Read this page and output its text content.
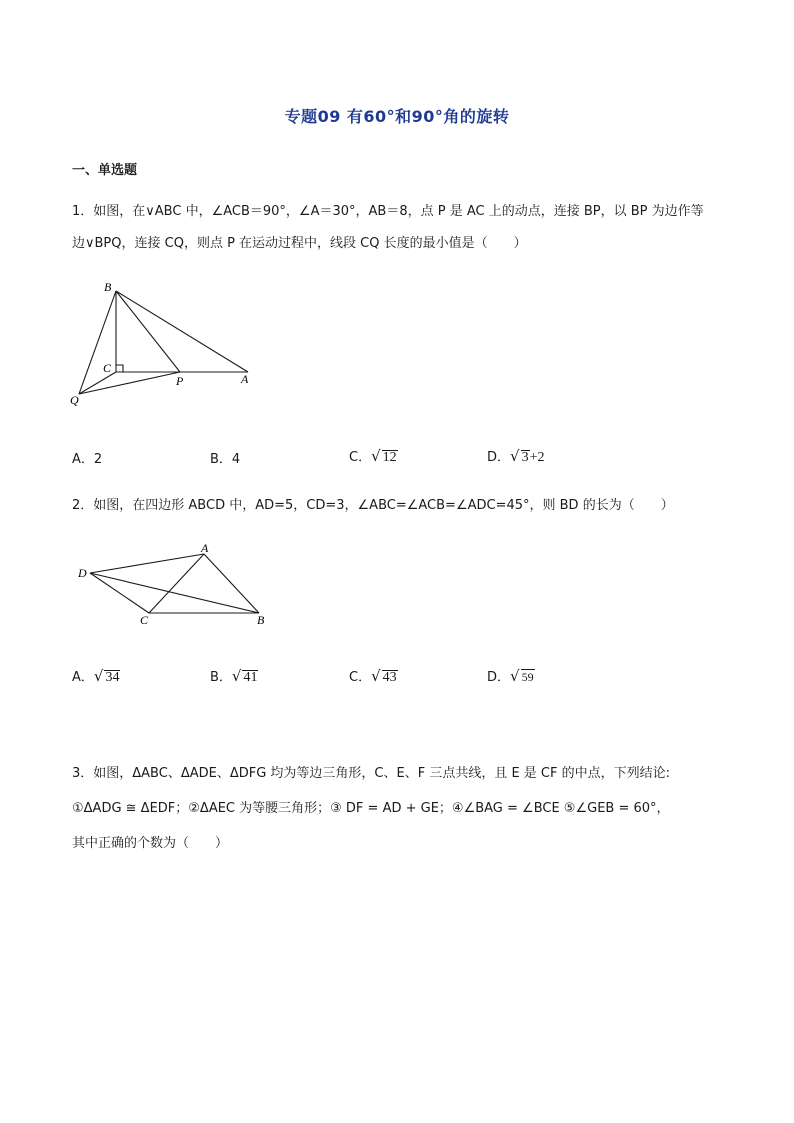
专题09 有60°和90°角的旋转
一、单选题
1．如图，在∨ABC 中，∠ACB＝90°，∠A＝30°，AB＝8，点 P 是 AC 上的动点，连接 BP，以 BP 为边作等
边∨BPQ，连接 CQ，则点 P 在运动过程中，线段 CQ 长度的最小值是（　　）
B
C
P	A
Q
A．2	B．4	C．√ 12	D．√ 3+2
2．如图，在四边形 ABCD 中，AD=5，CD=3，∠ABC=∠ACB=∠ADC=45°，则 BD 的长为（　　）
A
D
C	B
A．√ 34	B．√ 41	C．√ 43	D．√ 59
3．如图，ΔABC、ΔADE、ΔDFG 均为等边三角形，C、E、F 三点共线，且 E 是 CF 的中点，下列结论:
①ΔADG ≅ ΔEDF；②ΔAEC 为等腰三角形；③ DF = AD + GE；④∠BAG = ∠BCE ⑤∠GEB = 60°，
其中正确的个数为（　　）
